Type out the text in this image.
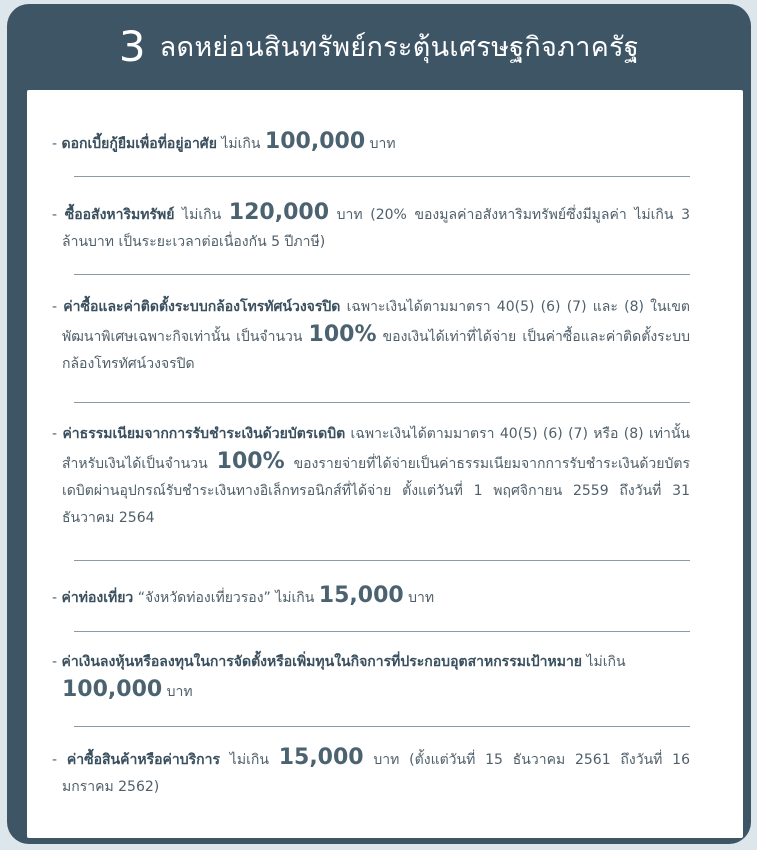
3 ลดหย่อนสินทรัพย์กระตุ้นเศรษฐกิจภาครัฐ
- ดอกเบี้ยกู้ยืมเพื่อที่อยู่อาศัย ไม่เกิน 100,000 บาท
- ซื้ออสังหาริมทรัพย์ ไม่เกิน 120,000 บาท (20% ของมูลค่าอสังหาริมทรัพย์ซึ่งมีมูลค่า ไม่เกิน 3 ล้านบาท เป็นระยะเวลาต่อเนื่องกัน 5 ปีภาษี)
- ค่าซื้อและค่าติดตั้งระบบกล้องโทรทัศน์วงจรปิด เฉพาะเงินได้ตามมาตรา 40(5) (6) (7) และ (8) ในเขตพัฒนาพิเศษเฉพาะกิจเท่านั้น เป็นจำนวน 100% ของเงินได้เท่าที่ได้จ่าย เป็นค่าซื้อและค่าติดตั้งระบบกล้องโทรทัศน์วงจรปิด
- ค่าธรรมเนียมจากการรับชำระเงินด้วยบัตรเดบิต เฉพาะเงินได้ตามมาตรา 40(5) (6) (7) หรือ (8) เท่านั้น สำหรับเงินได้เป็นจำนวน 100% ของรายจ่ายที่ได้จ่ายเป็นค่าธรรมเนียมจากการรับชำระเงินด้วยบัตรเดบิตผ่านอุปกรณ์รับชำระเงินทางอิเล็กทรอนิกส์ที่ได้จ่าย ตั้งแต่วันที่ 1 พฤศจิกายน 2559 ถึงวันที่ 31 ธันวาคม 2564
- ค่าท่องเที่ยว “จังหวัดท่องเที่ยวรอง” ไม่เกิน 15,000 บาท
- ค่าเงินลงหุ้นหรือลงทุนในการจัดตั้งหรือเพิ่มทุนในกิจการที่ประกอบอุตสาหกรรมเป้าหมาย ไม่เกิน 100,000 บาท
- ค่าซื้อสินค้าหรือค่าบริการ ไม่เกิน 15,000 บาท (ตั้งแต่วันที่ 15 ธันวาคม 2561 ถึงวันที่ 16 มกราคม 2562)
